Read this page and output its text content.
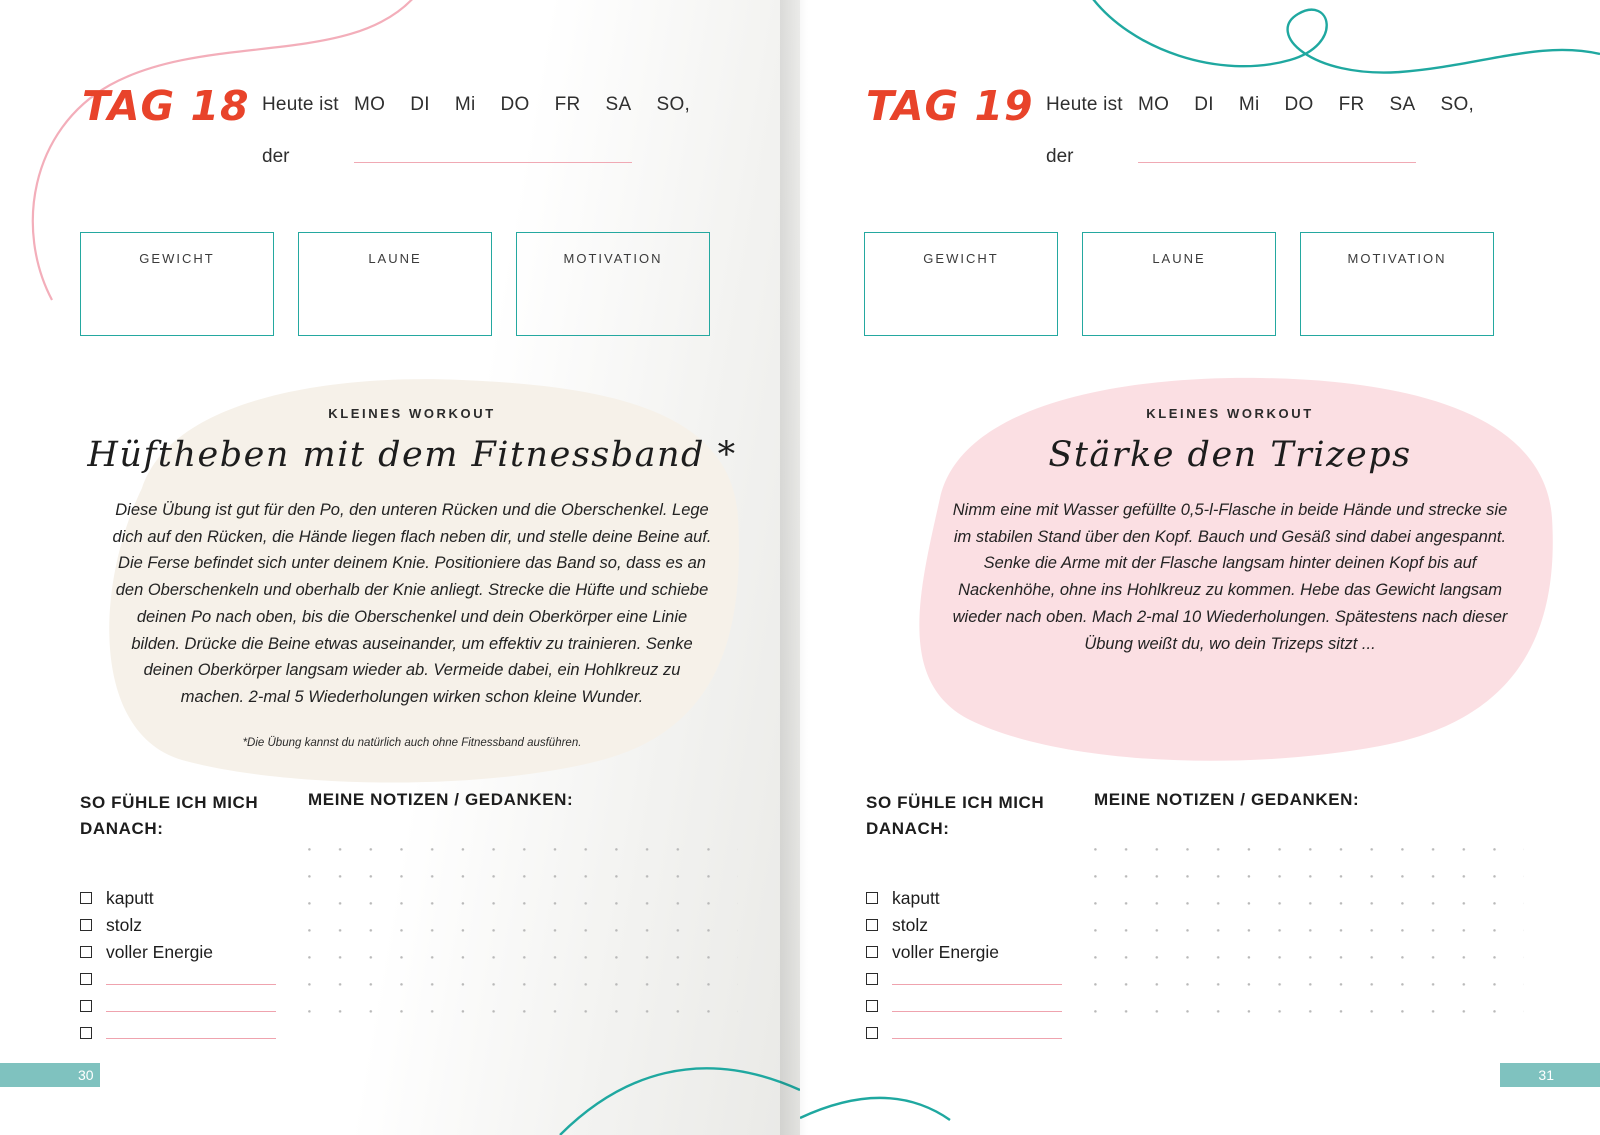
TAG 18 Heute ist MO DI Mi DO FR SA SO,
der
GEWICHT	LAUNE	MOTIVATION
KLEINES WORKOUT
Hüftheben mit dem Fitnessband *
Diese Übung ist gut für den Po, den unteren Rücken und die Oberschenkel. Lege dich auf den Rücken, die Hände liegen flach neben dir, und stelle deine Beine auf. Die Ferse befindet sich unter deinem Knie. Positioniere das Band so, dass es an den Oberschenkeln und oberhalb der Knie anliegt. Strecke die Hüfte und schiebe deinen Po nach oben, bis die Oberschenkel und dein Oberkörper eine Linie bilden. Drücke die Beine etwas auseinander, um effektiv zu trainieren. Senke deinen Oberkörper langsam wieder ab. Vermeide dabei, ein Hohlkreuz zu machen. 2-mal 5 Wiederholungen wirken schon kleine Wunder.
*Die Übung kannst du natürlich auch ohne Fitnessband ausführen.
SO FÜHLE ICH MICH DANACH:
kaputt
stolz
voller Energie
MEINE NOTIZEN / GEDANKEN:
30
TAG 19 Heute ist MO DI Mi DO FR SA SO,
der
GEWICHT	LAUNE	MOTIVATION
KLEINES WORKOUT
Stärke den Trizeps
Nimm eine mit Wasser gefüllte 0,5-l-Flasche in beide Hände und strecke sie im stabilen Stand über den Kopf. Bauch und Gesäß sind dabei angespannt. Senke die Arme mit der Flasche langsam hinter deinen Kopf bis auf Nackenhöhe, ohne ins Hohlkreuz zu kommen. Hebe das Gewicht langsam wieder nach oben. Mach 2-mal 10 Wiederholungen. Spätestens nach dieser Übung weißt du, wo dein Trizeps sitzt ...
SO FÜHLE ICH MICH DANACH:
kaputt
stolz
voller Energie
MEINE NOTIZEN / GEDANKEN:
31
